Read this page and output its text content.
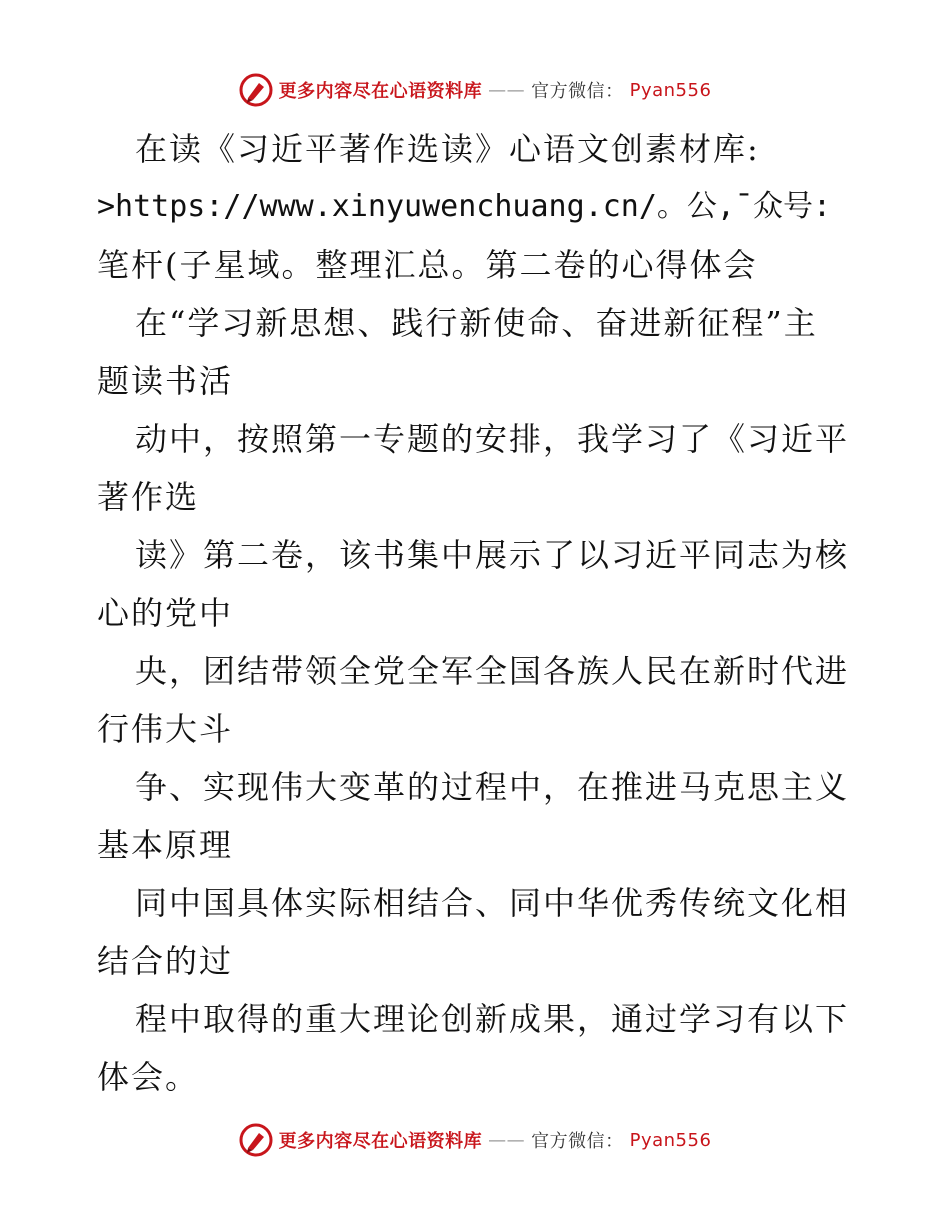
更多内容尽在心语资料库 —— 官方微信： Pyan556
在读《习近平著作选读》心语文创素材库:
>https://www.xinyuwenchuang.cn/。公,¯众号:
笔杆(子星域。整理汇总。第二卷的心得体会
在“学习新思想、践行新使命、奋进新征程”主
题读书活
动中，按照第一专题的安排，我学习了《习近平
著作选
读》第二卷，该书集中展示了以习近平同志为核
心的党中
央，团结带领全党全军全国各族人民在新时代进
行伟大斗
争、实现伟大变革的过程中，在推进马克思主义
基本原理
同中国具体实际相结合、同中华优秀传统文化相
结合的过
程中取得的重大理论创新成果，通过学习有以下
体会。
更多内容尽在心语资料库 —— 官方微信： Pyan556
